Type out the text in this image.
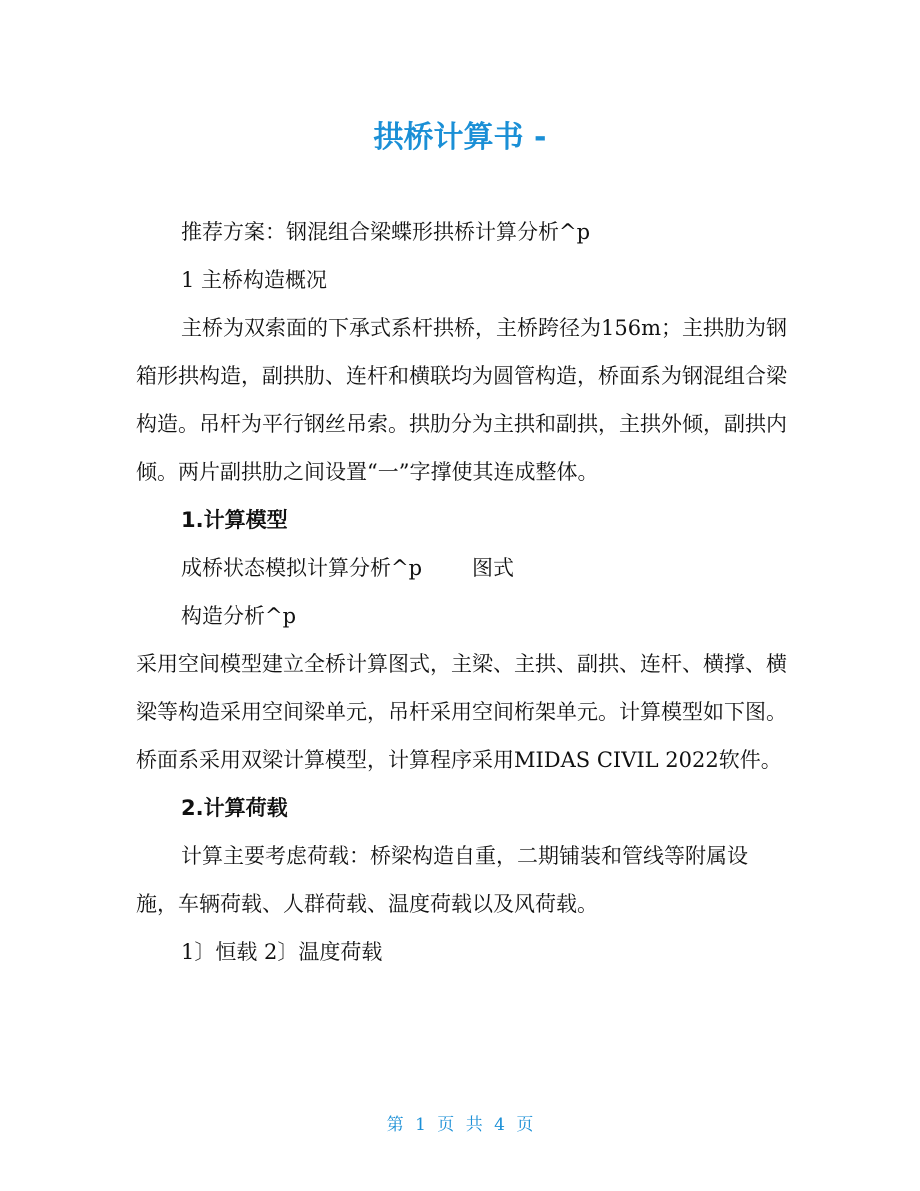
拱桥计算书 -

推荐方案：钢混组合梁蝶形拱桥计算分析^p

1 主桥构造概况

主桥为双索面的下承式系杆拱桥，主桥跨径为156m；主拱肋为钢箱形拱构造，副拱肋、连杆和横联均为圆管构造，桥面系为钢混组合梁构造。吊杆为平行钢丝吊索。拱肋分为主拱和副拱，主拱外倾，副拱内倾。两片副拱肋之间设置“一”字撑使其连成整体。

1.计算模型

成桥状态模拟计算分析^p 图式

构造分析^p

采用空间模型建立全桥计算图式，主梁、主拱、副拱、连杆、横撑、横梁等构造采用空间梁单元，吊杆采用空间桁架单元。计算模型如下图。桥面系采用双梁计算模型，计算程序采用MIDAS CIVIL 2022软件。

2.计算荷载

计算主要考虑荷载：桥梁构造自重，二期铺装和管线等附属设施，车辆荷载、人群荷载、温度荷载以及风荷载。

1〕恒载 2〕温度荷载

第 1 页 共 4 页
